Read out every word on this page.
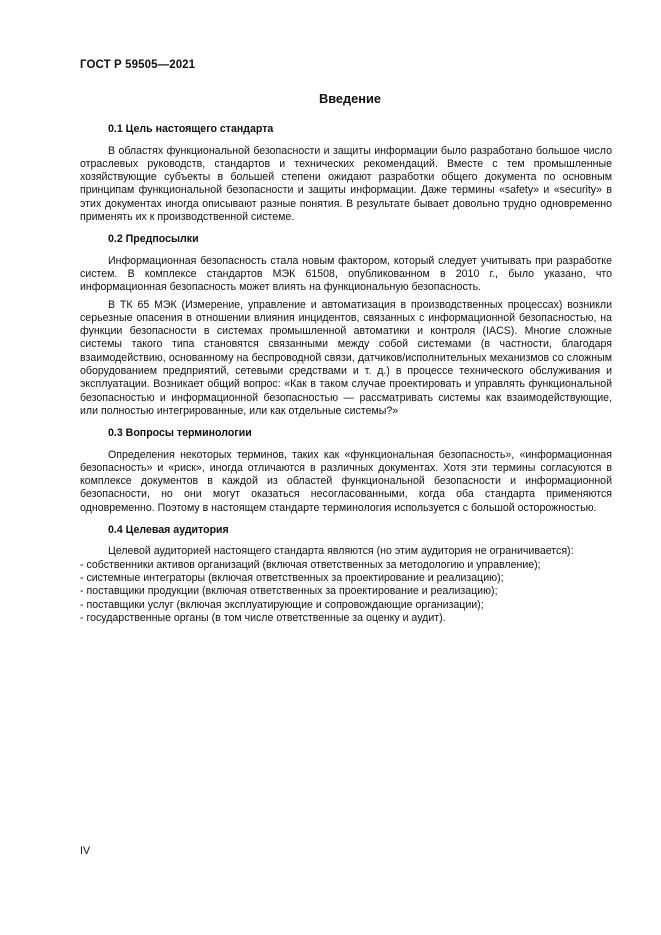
ГОСТ Р 59505—2021
Введение
0.1 Цель настоящего стандарта

В областях функциональной безопасности и защиты информации было разработано большое число отраслевых руководств, стандартов и технических рекомендаций. Вместе с тем промышленные хозяйствующие субъекты в большей степени ожидают разработки общего документа по основным принципам функциональной безопасности и защиты информации. Даже термины «safety» и «security» в этих документах иногда описывают разные понятия. В результате бывает довольно трудно одновременно применять их к производственной системе.

0.2 Предпосылки

Информационная безопасность стала новым фактором, который следует учитывать при разработке систем. В комплексе стандартов МЭК 61508, опубликованном в 2010 г., было указано, что информационная безопасность может влиять на функциональную безопасность.

В ТК 65 МЭК (Измерение, управление и автоматизация в производственных процессах) возникли серьезные опасения в отношении влияния инцидентов, связанных с информационной безопасностью, на функции безопасности в системах промышленной автоматики и контроля (IACS). Многие сложные системы такого типа становятся связанными между собой системами (в частности, благодаря взаимодействию, основанному на беспроводной связи, датчиков/исполнительных механизмов со сложным оборудованием предприятий, сетевыми средствами и т. д.) в процессе технического обслуживания и эксплуатации. Возникает общий вопрос: «Как в таком случае проектировать и управлять функциональной безопасностью и информационной безопасностью — рассматривать системы как взаимодействующие, или полностью интегрированные, или как отдельные системы?»

0.3 Вопросы терминологии

Определения некоторых терминов, таких как «функциональная безопасность», «информационная безопасность» и «риск», иногда отличаются в различных документах. Хотя эти термины согласуются в комплексе документов в каждой из областей функциональной безопасности и информационной безопасности, но они могут оказаться несогласованными, когда оба стандарта применяются одновременно. Поэтому в настоящем стандарте терминология используется с большой осторожностью.

0.4 Целевая аудитория

Целевой аудиторией настоящего стандарта являются (но этим аудитория не ограничивается):

- собственники активов организаций (включая ответственных за методологию и управление);
- системные интеграторы (включая ответственных за проектирование и реализацию);
- поставщики продукции (включая ответственных за проектирование и реализацию);
- поставщики услуг (включая эксплуатирующие и сопровождающие организации);
- государственные органы (в том числе ответственные за оценку и аудит).
IV
